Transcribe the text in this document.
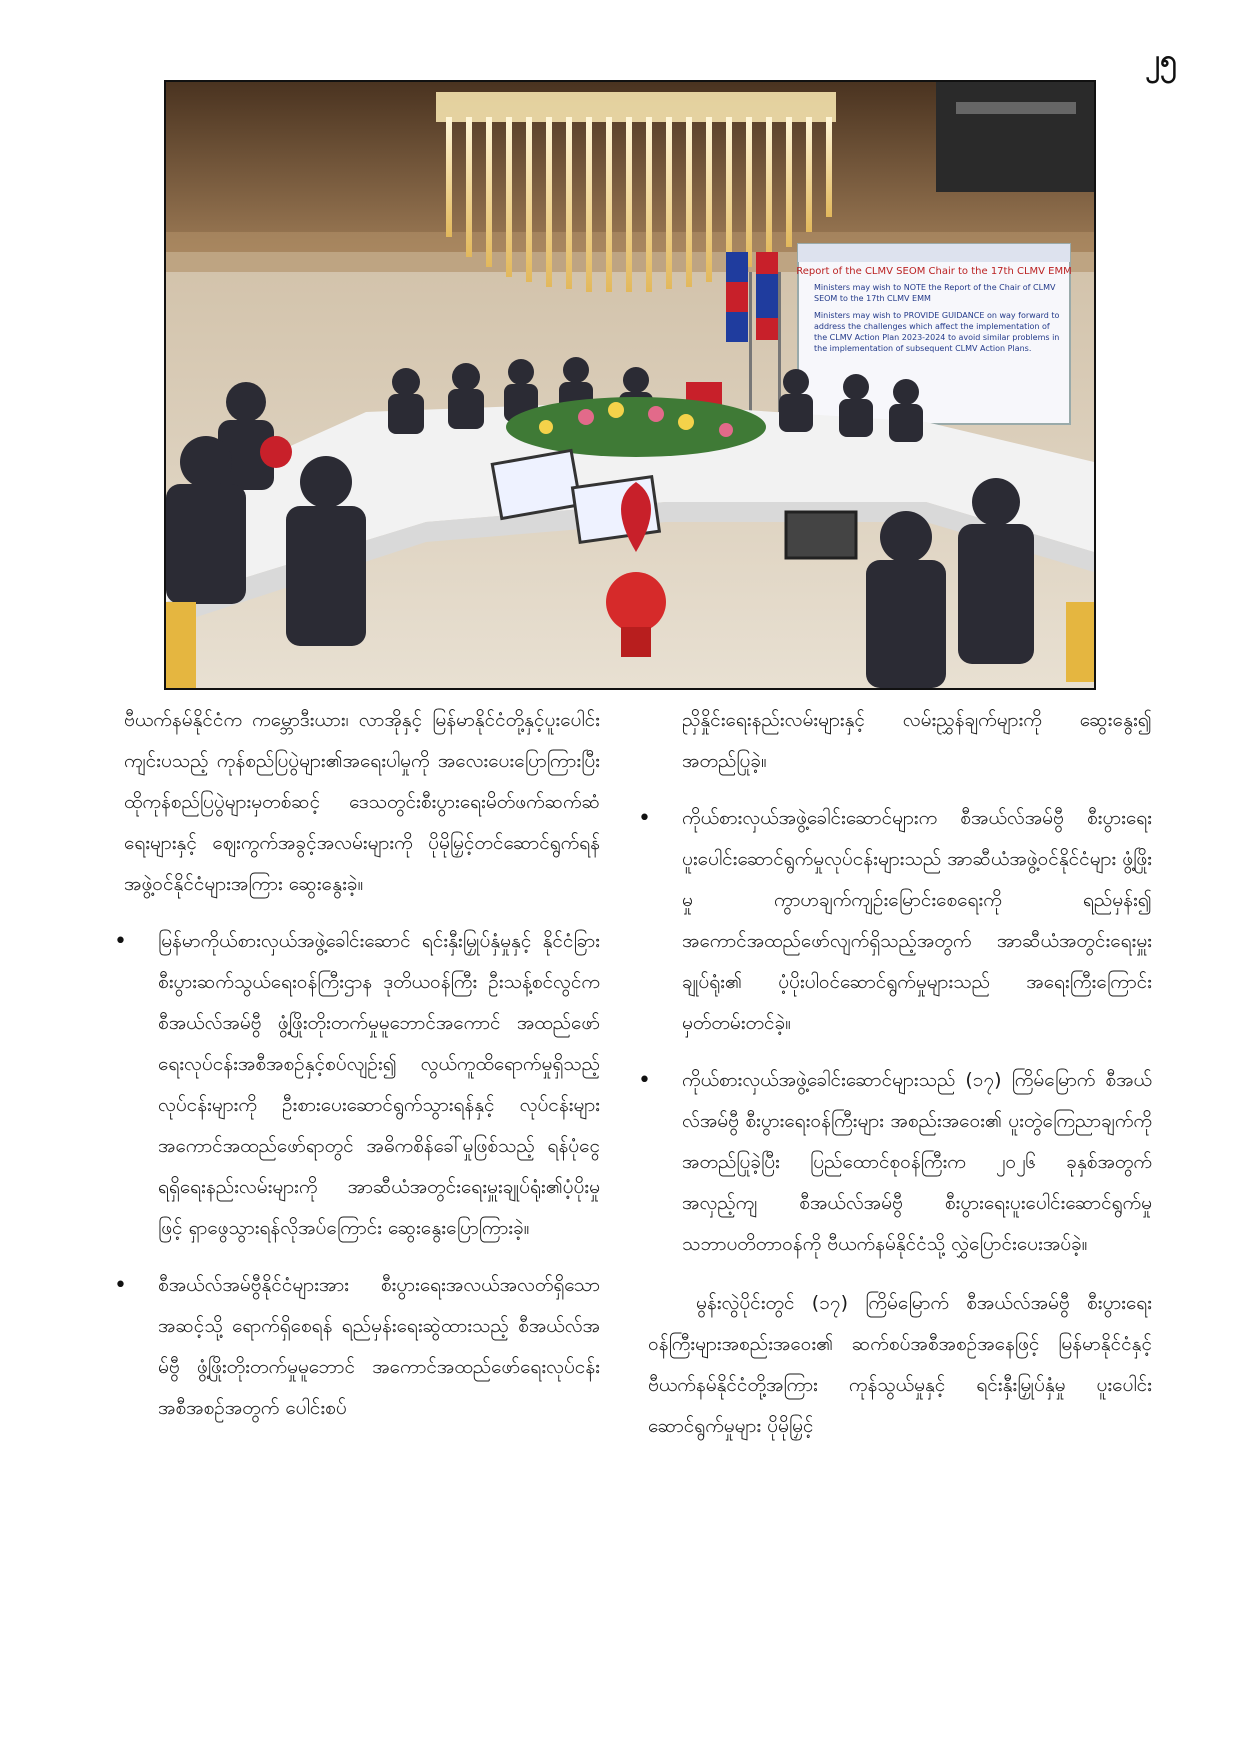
၂၅
Report of the CLMV SEOM Chair to the 17th CLMV EMM
Ministers may wish to NOTE the Report of the Chair of CLMV SEOM to the 17th CLMV EMM
Ministers may wish to PROVIDE GUIDANCE on way forward to address the challenges which affect the implementation of the CLMV Action Plan 2023-2024 to avoid similar problems in the implementation of subsequent CLMV Action Plans.

ဗီယက်နမ်နိုင်ငံက ကမ္ဘောဒီးယား၊ လာအိုနှင့် မြန်မာနိုင်ငံတို့နှင့်ပူးပေါင်းကျင်းပသည့် ကုန်စည်ပြပွဲများ၏အရေးပါမှုကို အလေးပေးပြောကြားပြီး ထိုကုန်စည်ပြပွဲများမှတစ်ဆင့် ဒေသတွင်းစီးပွားရေးမိတ်ဖက်ဆက်ဆံရေးများနှင့် ဈေးကွက်အခွင့်အလမ်းများကို ပိုမိုမြှင့်တင်ဆောင်ရွက်ရန် အဖွဲ့ဝင်နိုင်ငံများအကြား ဆွေးနွေးခဲ့။

• မြန်မာကိုယ်စားလှယ်အဖွဲ့ခေါင်းဆောင် ရင်းနှီးမြှုပ်နှံမှုနှင့် နိုင်ငံခြားစီးပွားဆက်သွယ်ရေးဝန်ကြီးဌာန ဒုတိယဝန်ကြီး ဦးသန့်စင်လွင်က စီအယ်လ်အမ်ဗွီ ဖွံ့ဖြိုးတိုးတက်မှုမူဘောင်အကောင် အထည်ဖော်ရေးလုပ်ငန်းအစီအစဉ်နှင့်စပ်လျဉ်း၍ လွယ်ကူထိရောက်မှုရှိသည့်လုပ်ငန်းများကို ဦးစားပေးဆောင်ရွက်သွားရန်နှင့် လုပ်ငန်းများ အကောင်အထည်ဖော်ရာတွင် အဓိကစိန်ခေါ်မှုဖြစ်သည့် ရန်ပုံငွေရရှိရေးနည်းလမ်းများကို အာဆီယံအတွင်းရေးမှူးချုပ်ရုံး၏ပံ့ပိုးမှုဖြင့် ရှာဖွေသွားရန်လိုအပ်ကြောင်း ဆွေးနွေးပြောကြားခဲ့။
• စီအယ်လ်အမ်ဗွီနိုင်ငံများအား စီးပွားရေးအလယ်အလတ်ရှိသောအဆင့်သို့ ရောက်ရှိစေရန် ရည်မှန်းရေးဆွဲထားသည့် စီအယ်လ်အမ်ဗွီ ဖွံ့ဖြိုးတိုးတက်မှုမူဘောင် အကောင်အထည်ဖော်ရေးလုပ်ငန်းအစီအစဉ်အတွက် ပေါင်းစပ်

ညှိနှိုင်းရေးနည်းလမ်းများနှင့် လမ်းညွှန်ချက်များကို ဆွေးနွေး၍ အတည်ပြုခဲ့။

• ကိုယ်စားလှယ်အဖွဲ့ခေါင်းဆောင်များက စီအယ်လ်အမ်ဗွီ စီးပွားရေးပူးပေါင်းဆောင်ရွက်မှုလုပ်ငန်းများသည် အာဆီယံအဖွဲ့ဝင်နိုင်ငံများ ဖွံ့ဖြိုးမှု ကွာဟချက်ကျဉ်းမြောင်းစေရေးကို ရည်မှန်း၍ အကောင်အထည်ဖော်လျက်ရှိသည့်အတွက် အာဆီယံအတွင်းရေးမှူးချုပ်ရုံး၏ ပံ့ပိုးပါဝင်ဆောင်ရွက်မှုများသည် အရေးကြီးကြောင်း မှတ်တမ်းတင်ခဲ့။
• ကိုယ်စားလှယ်အဖွဲ့ခေါင်းဆောင်များသည် (၁၇) ကြိမ်မြောက် စီအယ်လ်အမ်ဗွီ စီးပွားရေးဝန်ကြီးများ အစည်းအဝေး၏ ပူးတွဲကြေညာချက်ကို အတည်ပြုခဲ့ပြီး ပြည်ထောင်စုဝန်ကြီးက ၂၀၂၆ ခုနှစ်အတွက် အလှည့်ကျ စီအယ်လ်အမ်ဗွီ စီးပွားရေးပူးပေါင်းဆောင်ရွက်မှု သဘာပတိတာဝန်ကို ဗီယက်နမ်နိုင်ငံသို့ လွှဲပြောင်းပေးအပ်ခဲ့။

မွန်းလွဲပိုင်းတွင် (၁၇) ကြိမ်မြောက် စီအယ်လ်အမ်ဗွီ စီးပွားရေးဝန်ကြီးများအစည်းအဝေး၏ ဆက်စပ်အစီအစဉ်အနေဖြင့် မြန်မာနိုင်ငံနှင့် ဗီယက်နမ်နိုင်ငံတို့အကြား ကုန်သွယ်မှုနှင့် ရင်းနှီးမြှုပ်နှံမှု ပူးပေါင်းဆောင်ရွက်မှုများ ပိုမိုမြှင့်
